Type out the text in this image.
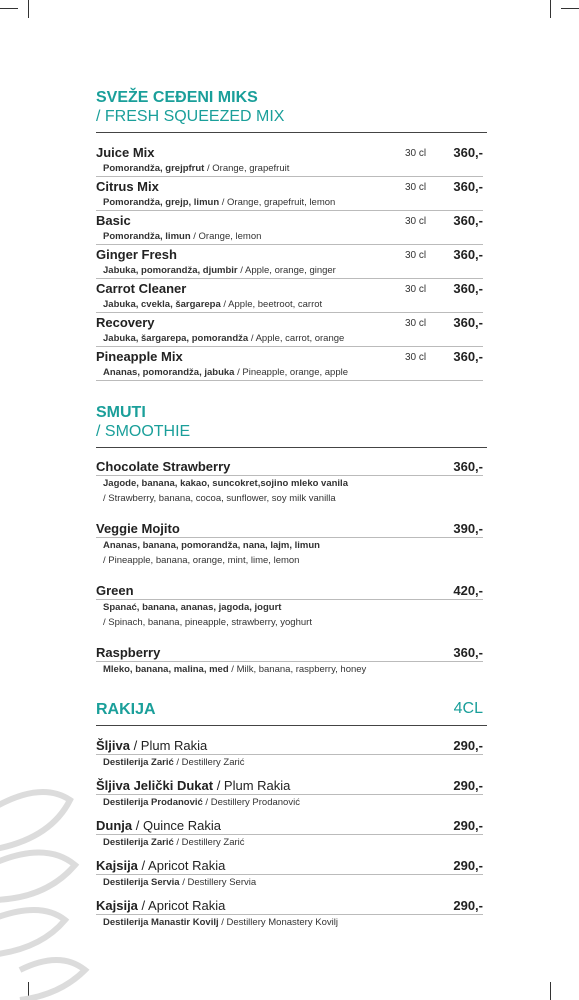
SVEŽE CEĐENI MIKS
/ FRESH SQUEEZED MIX
Juice Mix	30 cl 360,-
Pomorandža, grejpfrut / Orange, grapefruit
Citrus Mix	30 cl 360,-
Pomorandža, grejp, limun / Orange, grapefruit, lemon
Basic	30 cl 360,-
Pomorandža, limun / Orange, lemon
Ginger Fresh	30 cl 360,-
Jabuka, pomorandža, djumbir / Apple, orange, ginger
Carrot Cleaner	30 cl 360,-
Jabuka, cvekla, šargarepa / Apple, beetroot, carrot
Recovery	30 cl 360,-
Jabuka, šargarepa, pomorandža / Apple, carrot, orange
Pineapple Mix	30 cl 360,-
Ananas, pomorandža, jabuka / Pineapple, orange, apple
SMUTI
/ SMOOTHIE
Chocolate Strawberry	360,-
Jagode, banana, kakao, suncokret,sojino mleko vanila
/ Strawberry, banana, cocoa, sunflower, soy milk vanilla
Veggie Mojito	390,-
Ananas, banana, pomorandža, nana, lajm, limun
/ Pineapple, banana, orange, mint, lime, lemon
Green	420,-
Spanać, banana, ananas, jagoda, jogurt
/ Spinach, banana, pineapple, strawberry, yoghurt
Raspberry	360,-
Mleko, banana, malina, med / Milk, banana, raspberry, honey
RAKIJA	4CL
Šljiva / Plum Rakia	290,-
Destilerija Zarić / Destillery Zarić
Šljiva Jelički Dukat / Plum Rakia	290,-
Destilerija Prodanović / Destillery Prodanović
Dunja / Quince Rakia	290,-
Destilerija Zarić / Destillery Zarić
Kajsija / Apricot Rakia	290,-
Destilerija Servia / Destillery Servia
Kajsija / Apricot Rakia	290,-
Destilerija Manastir Kovilj / Destillery Monastery Kovilj
